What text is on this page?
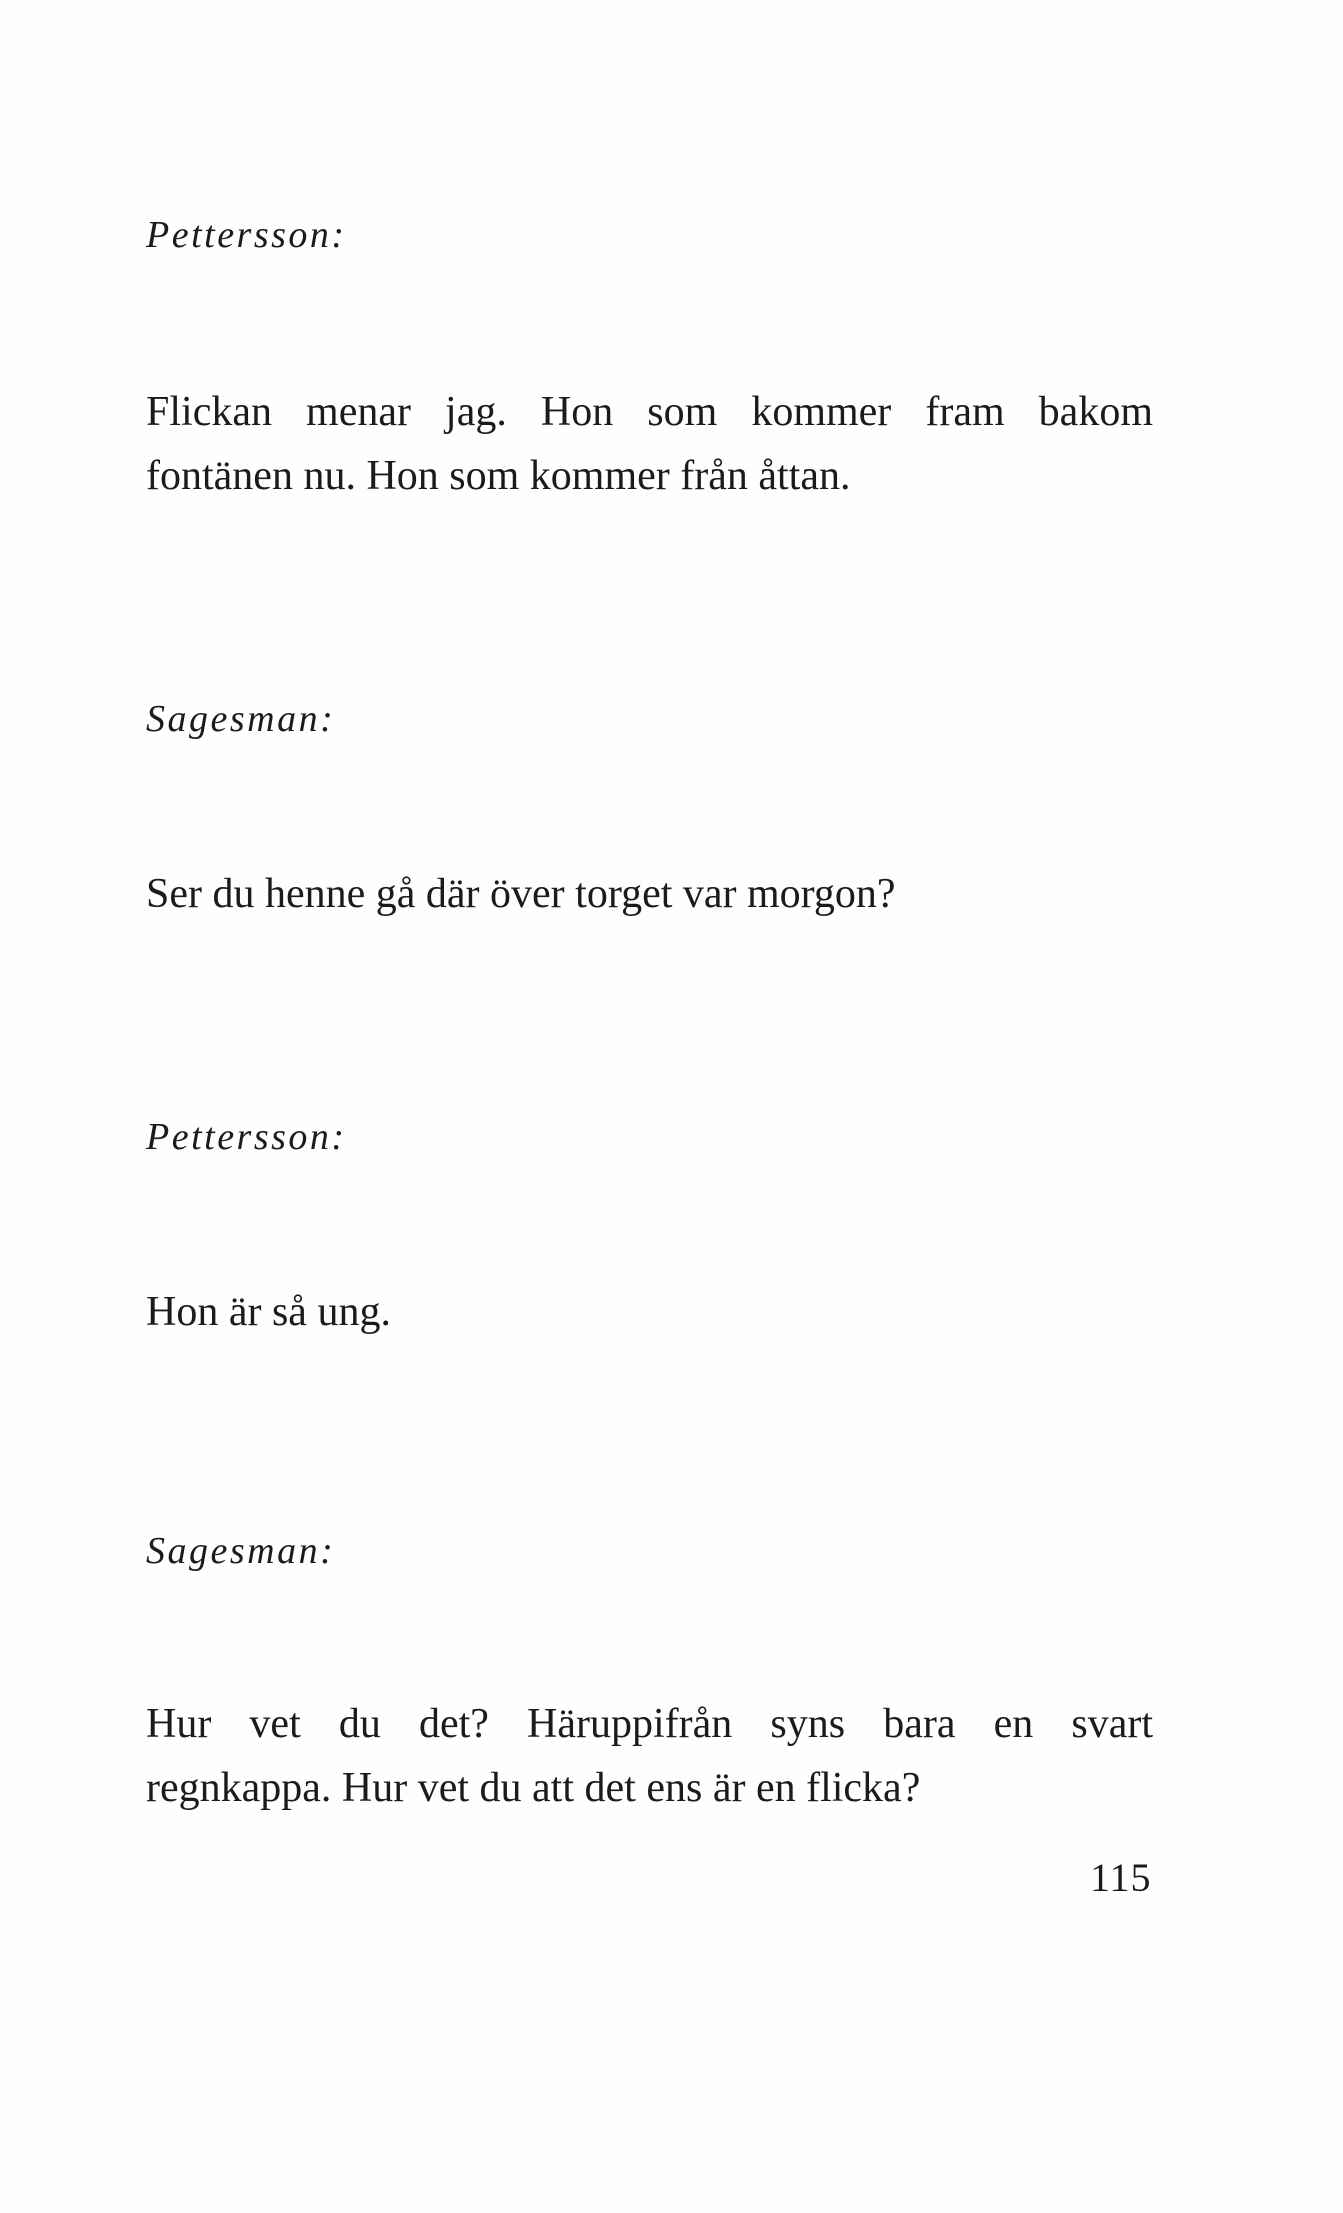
Pettersson:
Flickan menar jag. Hon som kommer fram bakom
fontänen nu. Hon som kommer från åttan.
Sagesman:
Ser du henne gå där över torget var morgon?
Pettersson:
Hon är så ung.
Sagesman:
Hur vet du det? Häruppifrån syns bara en svart
regnkappa. Hur vet du att det ens är en flicka?
115
